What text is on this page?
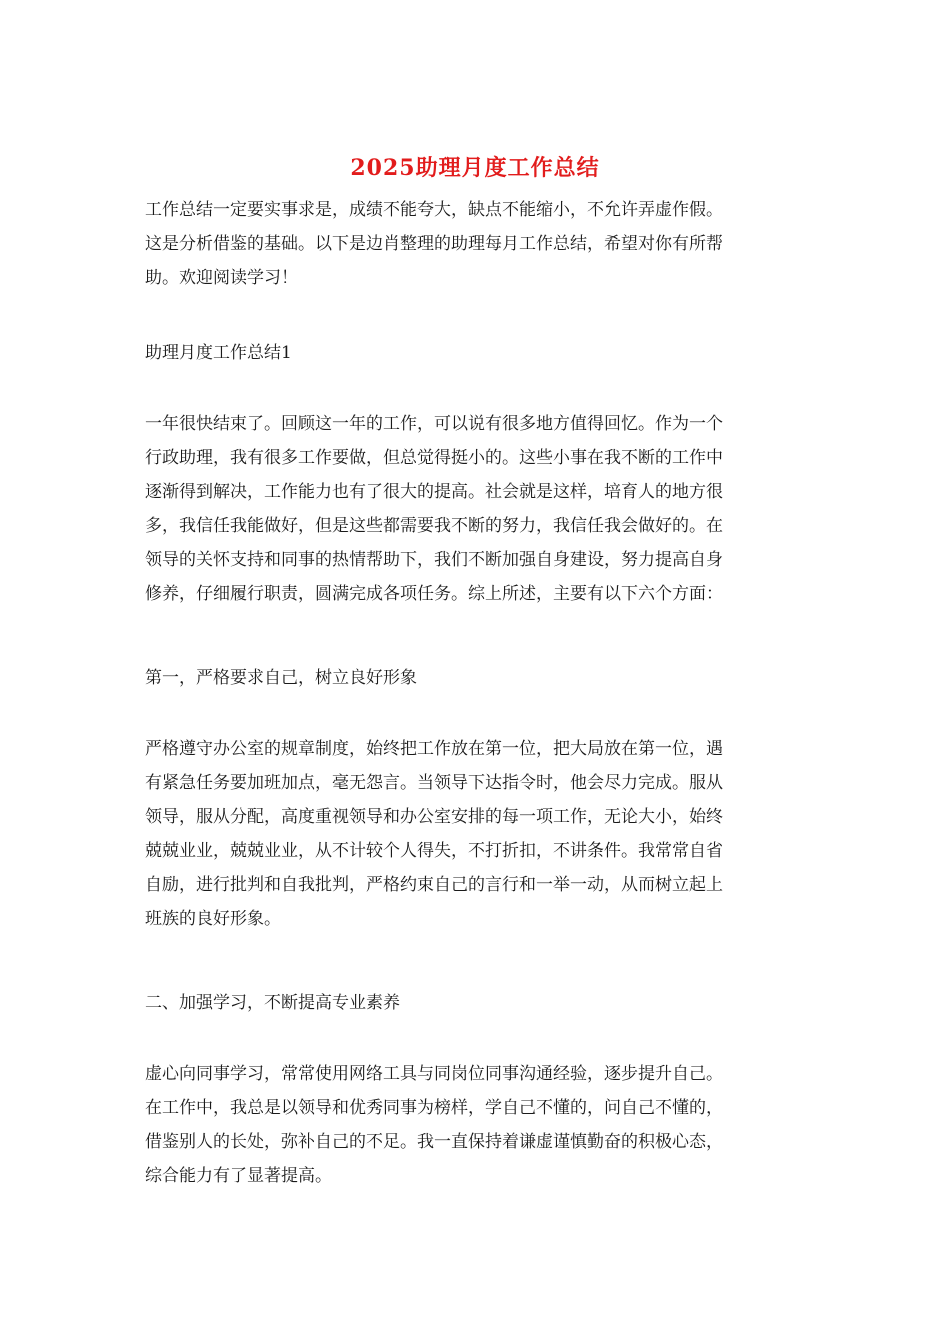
2025助理月度工作总结
工作总结一定要实事求是，成绩不能夸大，缺点不能缩小，不允许弄虚作假。
这是分析借鉴的基础。以下是边肖整理的助理每月工作总结，希望对你有所帮
助。欢迎阅读学习！
助理月度工作总结1
一年很快结束了。回顾这一年的工作，可以说有很多地方值得回忆。作为一个
行政助理，我有很多工作要做，但总觉得挺小的。这些小事在我不断的工作中
逐渐得到解决，工作能力也有了很大的提高。社会就是这样，培育人的地方很
多，我信任我能做好，但是这些都需要我不断的努力，我信任我会做好的。在
领导的关怀支持和同事的热情帮助下，我们不断加强自身建设，努力提高自身
修养，仔细履行职责，圆满完成各项任务。综上所述，主要有以下六个方面：
第一，严格要求自己，树立良好形象
严格遵守办公室的规章制度，始终把工作放在第一位，把大局放在第一位，遇
有紧急任务要加班加点，毫无怨言。当领导下达指令时，他会尽力完成。服从
领导，服从分配，高度重视领导和办公室安排的每一项工作，无论大小，始终
兢兢业业，兢兢业业，从不计较个人得失，不打折扣，不讲条件。我常常自省
自励，进行批判和自我批判，严格约束自己的言行和一举一动，从而树立起上
班族的良好形象。
二、加强学习，不断提高专业素养
虚心向同事学习，常常使用网络工具与同岗位同事沟通经验，逐步提升自己。
在工作中，我总是以领导和优秀同事为榜样，学自己不懂的，问自己不懂的，
借鉴别人的长处，弥补自己的不足。我一直保持着谦虚谨慎勤奋的积极心态，
综合能力有了显著提高。
